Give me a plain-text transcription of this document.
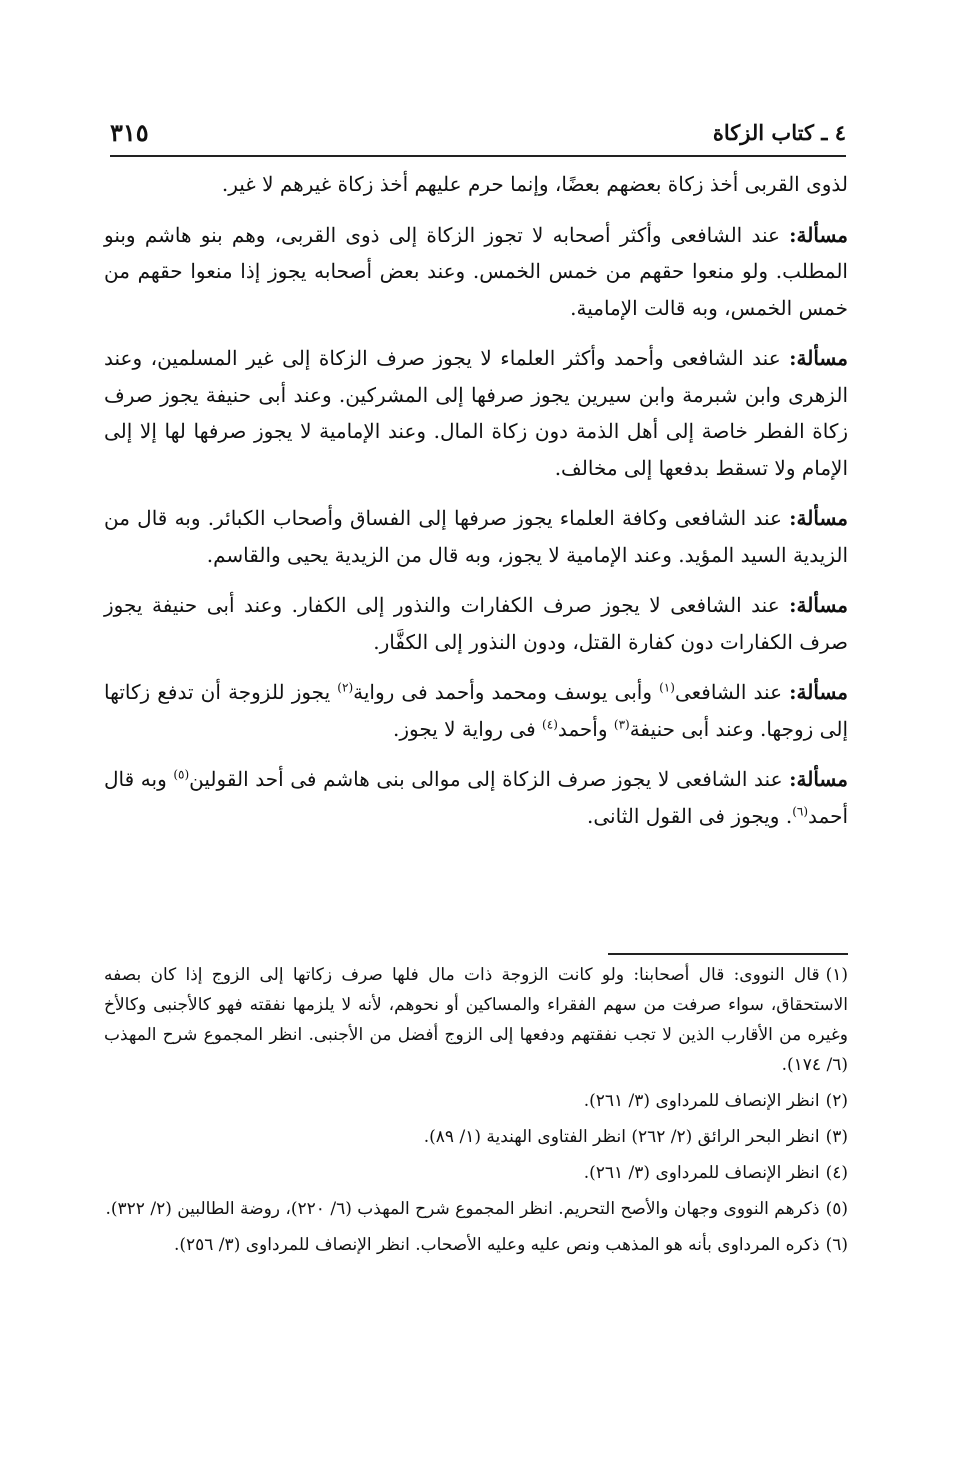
٤ ـ كتاب الزكاة
٣١٥

لذوى القربى أخذ زكاة بعضهم بعضًا، وإنما حرم عليهم أخذ زكاة غيرهم لا غير.

مسألة: عند الشافعى وأكثر أصحابه لا تجوز الزكاة إلى ذوى القربى، وهم بنو هاشم وبنو المطلب. ولو منعوا حقهم من خمس الخمس. وعند بعض أصحابه يجوز إذا منعوا حقهم من خمس الخمس، وبه قالت الإمامية.

مسألة: عند الشافعى وأحمد وأكثر العلماء لا يجوز صرف الزكاة إلى غير المسلمين، وعند الزهرى وابن شبرمة وابن سيرين يجوز صرفها إلى المشركين. وعند أبى حنيفة يجوز صرف زكاة الفطر خاصة إلى أهل الذمة دون زكاة المال. وعند الإمامية لا يجوز صرفها لها إلا إلى الإمام ولا تسقط بدفعها إلى مخالف.

مسألة: عند الشافعى وكافة العلماء يجوز صرفها إلى الفساق وأصحاب الكبائر. وبه قال من الزيدية السيد المؤيد. وعند الإمامية لا يجوز، وبه قال من الزيدية يحيى والقاسم.

مسألة: عند الشافعى لا يجوز صرف الكفارات والنذور إلى الكفار. وعند أبى حنيفة يجوز صرف الكفارات دون كفارة القتل، ودون النذور إلى الكفَّار.

مسألة: عند الشافعى$^{(١)}$ وأبى يوسف ومحمد وأحمد فى رواية$^{(٢)}$ يجوز للزوجة أن تدفع زكاتها إلى زوجها. وعند أبى حنيفة$^{(٣)}$ وأحمد$^{(٤)}$ فى رواية لا يجوز.

مسألة: عند الشافعى لا يجوز صرف الزكاة إلى موالى بنى هاشم فى أحد القولين$^{(٥)}$ وبه قال أحمد$^{(٦)}$. ويجوز فى القول الثانى.

(١)قال النووى: قال أصحابنا: ولو كانت الزوجة ذات مال فلها صرف زكاتها إلى الزوج إذا كان بصفه الاستحقاق، سواء صرفت من سهم الفقراء والمساكين أو نحوهم، لأنه لا يلزمها نفقته فهو كالأجنبى وكالأخ وغيره من الأقارب الذين لا تجب نفقتهم ودفعها إلى الزوج أفضل من الأجنبى. انظر المجموع شرح المهذب (٦/ ١٧٤).

(٢)انظر الإنصاف للمرداوى (٣/ ٢٦١).

(٣)انظر البحر الرائق (٢/ ٢٦٢) انظر الفتاوى الهندية (١/ ٨٩).

(٤)انظر الإنصاف للمرداوى (٣/ ٢٦١).

(٥)ذكرهم النووى وجهان والأصح التحريم. انظر المجموع شرح المهذب (٦/ ٢٢٠)، روضة الطالبين (٢/ ٣٢٢).

(٦)ذكره المرداوى بأنه هو المذهب ونص عليه وعليه الأصحاب. انظر الإنصاف للمرداوى (٣/ ٢٥٦).
